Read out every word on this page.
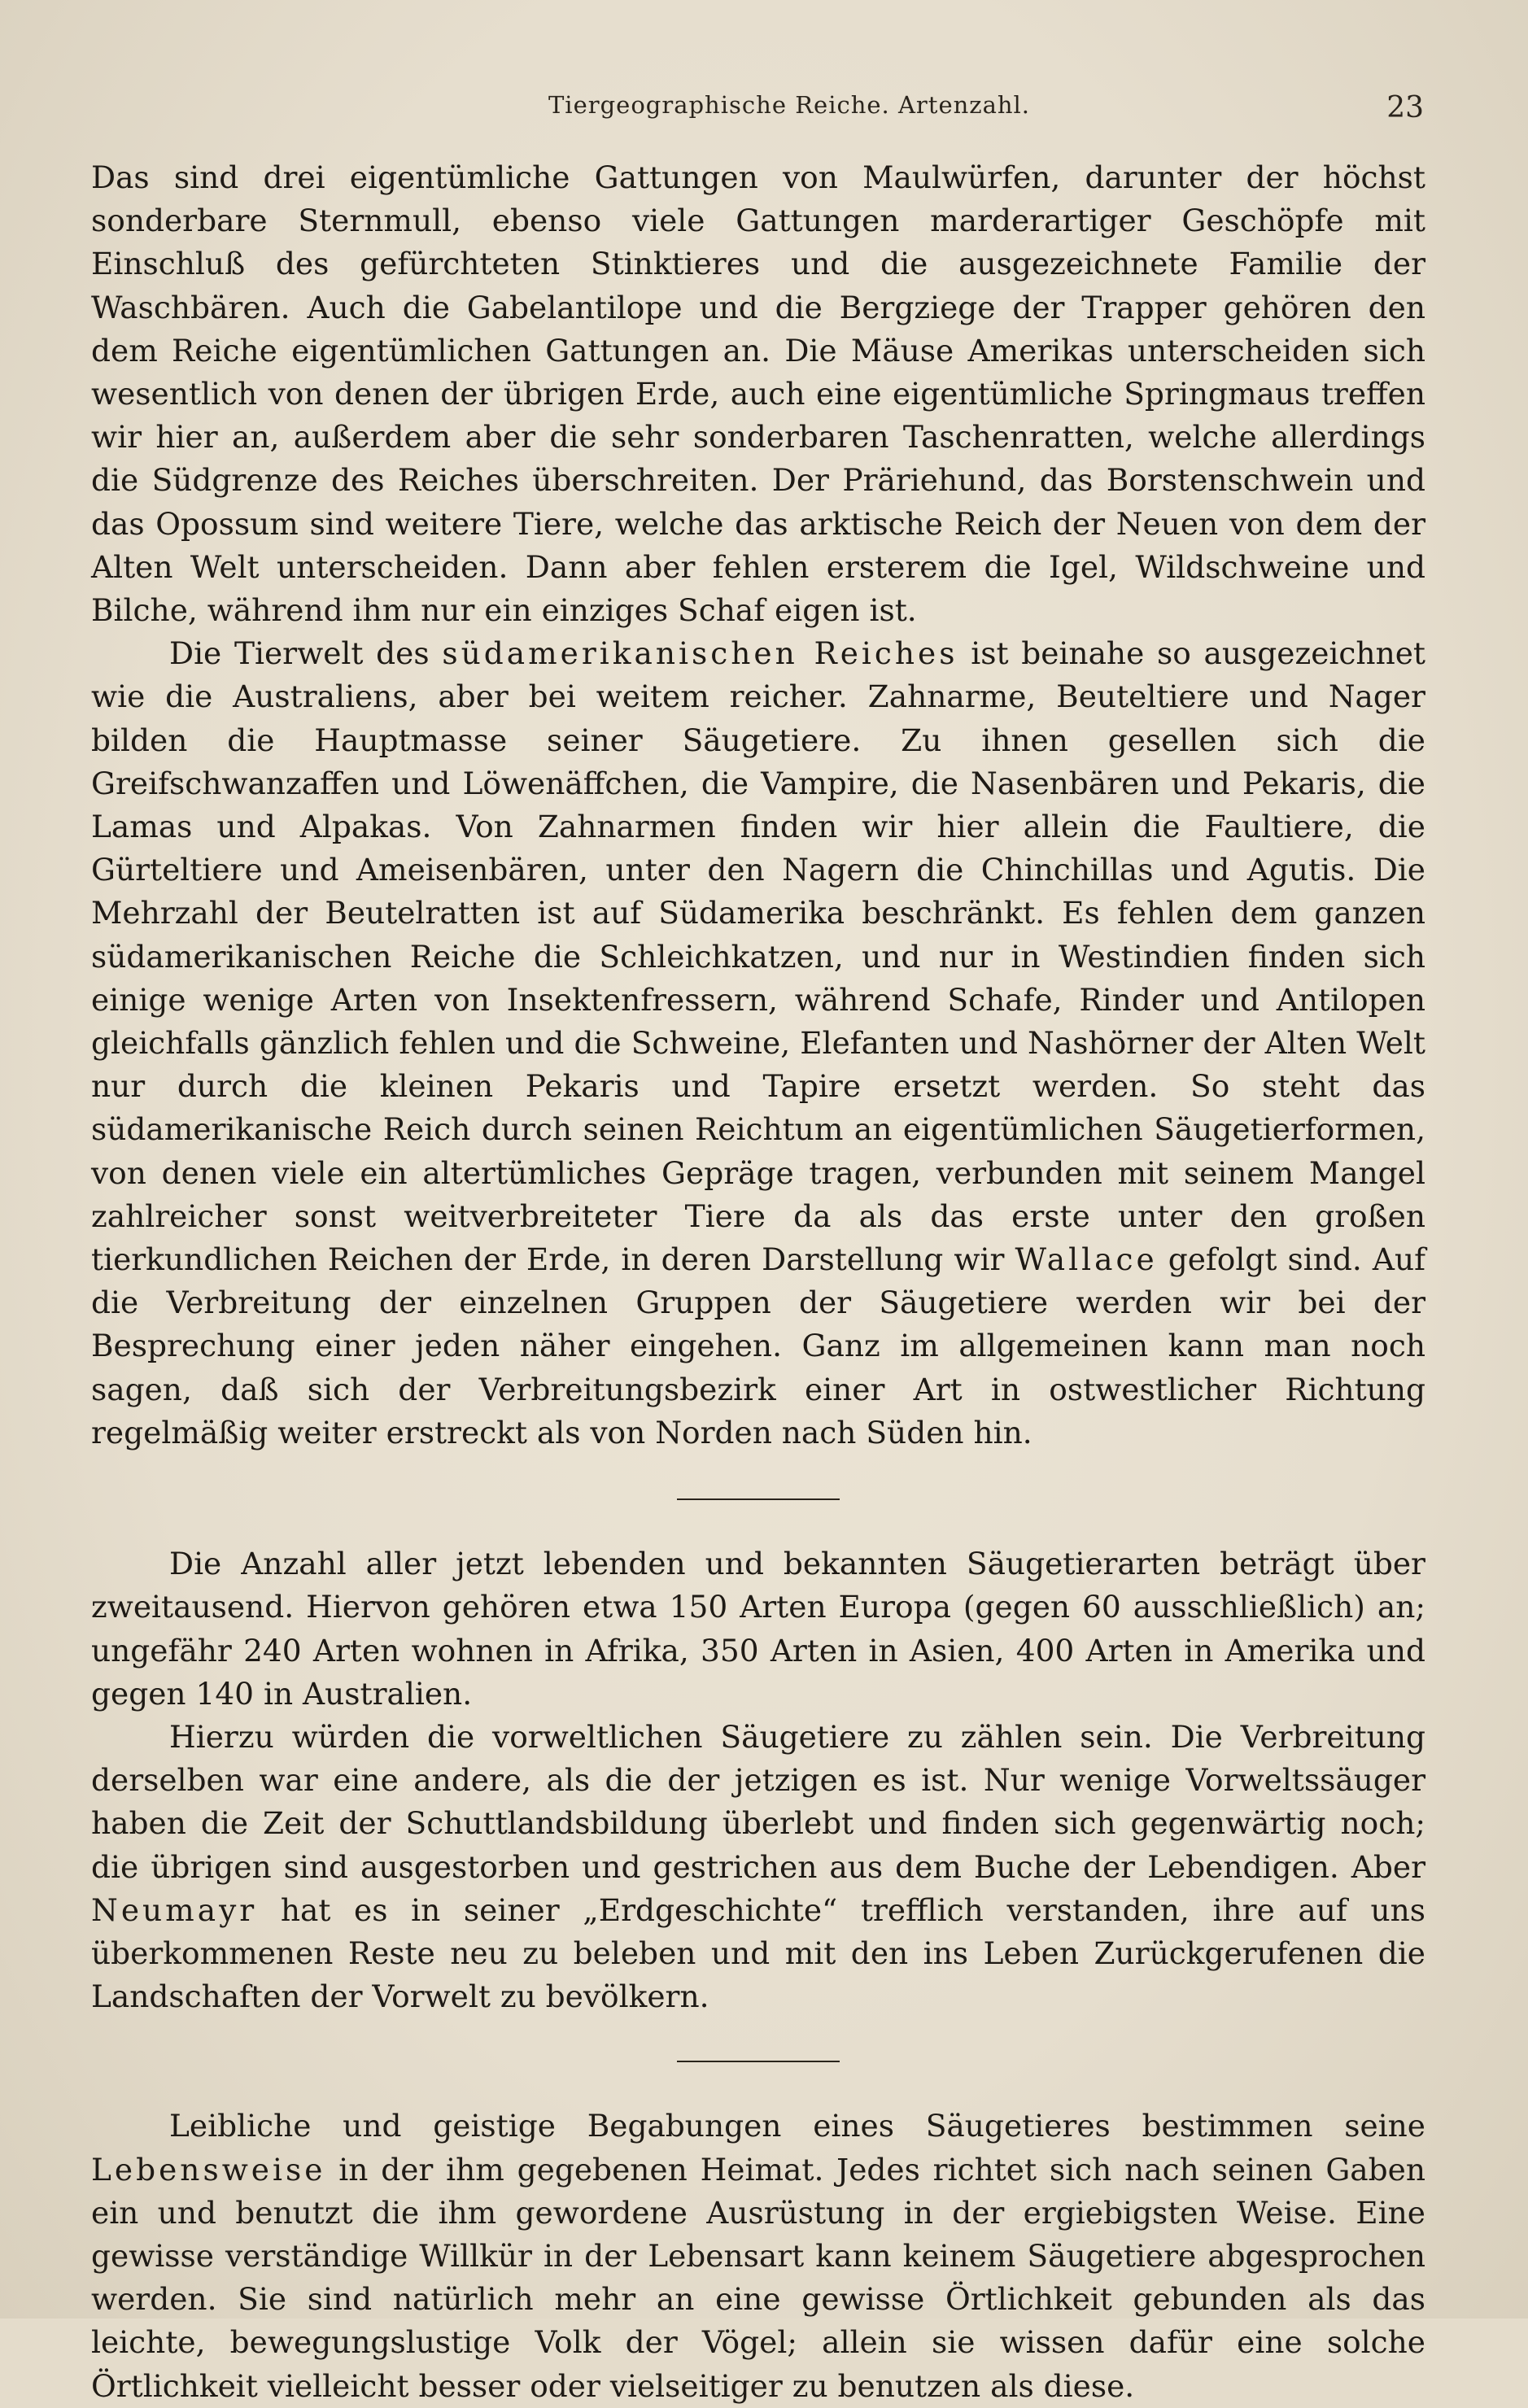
Tiergeographische Reiche. Artenzahl.	23

Das sind drei eigentümliche Gattungen von Maulwürfen, darunter der höchst sonderbare Sternmull, ebenso viele Gattungen marderartiger Geschöpfe mit Einschluß des gefürchteten Stinktieres und die ausgezeichnete Familie der Waschbären. Auch die Gabelantilope und die Bergziege der Trapper gehören den dem Reiche eigentümlichen Gattungen an. Die Mäuse Amerikas unterscheiden sich wesentlich von denen der übrigen Erde, auch eine eigentümliche Springmaus treffen wir hier an, außerdem aber die sehr sonderbaren Taschenratten, welche allerdings die Südgrenze des Reiches überschreiten. Der Präriehund, das Borstenschwein und das Opossum sind weitere Tiere, welche das arktische Reich der Neuen von dem der Alten Welt unterscheiden. Dann aber fehlen ersterem die Igel, Wildschweine und Bilche, während ihm nur ein einziges Schaf eigen ist.

Die Tierwelt des südamerikanischen Reiches ist beinahe so ausgezeichnet wie die Australiens, aber bei weitem reicher. Zahnarme, Beuteltiere und Nager bilden die Hauptmasse seiner Säugetiere. Zu ihnen gesellen sich die Greifschwanzaffen und Löwenäffchen, die Vampire, die Nasenbären und Pekaris, die Lamas und Alpakas. Von Zahnarmen finden wir hier allein die Faultiere, die Gürteltiere und Ameisenbären, unter den Nagern die Chinchillas und Agutis. Die Mehrzahl der Beutelratten ist auf Südamerika beschränkt. Es fehlen dem ganzen südamerikanischen Reiche die Schleichkatzen, und nur in Westindien finden sich einige wenige Arten von Insektenfressern, während Schafe, Rinder und Antilopen gleichfalls gänzlich fehlen und die Schweine, Elefanten und Nashörner der Alten Welt nur durch die kleinen Pekaris und Tapire ersetzt werden. So steht das südamerikanische Reich durch seinen Reichtum an eigentümlichen Säugetierformen, von denen viele ein altertümliches Gepräge tragen, verbunden mit seinem Mangel zahlreicher sonst weitverbreiteter Tiere da als das erste unter den großen tierkundlichen Reichen der Erde, in deren Darstellung wir Wallace gefolgt sind. Auf die Verbreitung der einzelnen Gruppen der Säugetiere werden wir bei der Besprechung einer jeden näher eingehen. Ganz im allgemeinen kann man noch sagen, daß sich der Verbreitungsbezirk einer Art in ostwestlicher Richtung regelmäßig weiter erstreckt als von Norden nach Süden hin.

Die Anzahl aller jetzt lebenden und bekannten Säugetierarten beträgt über zweitausend. Hiervon gehören etwa 150 Arten Europa (gegen 60 ausschließlich) an; ungefähr 240 Arten wohnen in Afrika, 350 Arten in Asien, 400 Arten in Amerika und gegen 140 in Australien.

Hierzu würden die vorweltlichen Säugetiere zu zählen sein. Die Verbreitung derselben war eine andere, als die der jetzigen es ist. Nur wenige Vorweltssäuger haben die Zeit der Schuttlandsbildung überlebt und finden sich gegenwärtig noch; die übrigen sind ausgestorben und gestrichen aus dem Buche der Lebendigen. Aber Neumayr hat es in seiner „Erdgeschichte“ trefflich verstanden, ihre auf uns überkommenen Reste neu zu beleben und mit den ins Leben Zurückgerufenen die Landschaften der Vorwelt zu bevölkern.

Leibliche und geistige Begabungen eines Säugetieres bestimmen seine Lebensweise in der ihm gegebenen Heimat. Jedes richtet sich nach seinen Gaben ein und benutzt die ihm gewordene Ausrüstung in der ergiebigsten Weise. Eine gewisse verständige Willkür in der Lebensart kann keinem Säugetiere abgesprochen werden. Sie sind natürlich mehr an eine gewisse Örtlichkeit gebunden als das leichte, bewegungslustige Volk der Vögel; allein sie wissen dafür eine solche Örtlichkeit vielleicht besser oder vielseitiger zu benutzen als diese.
